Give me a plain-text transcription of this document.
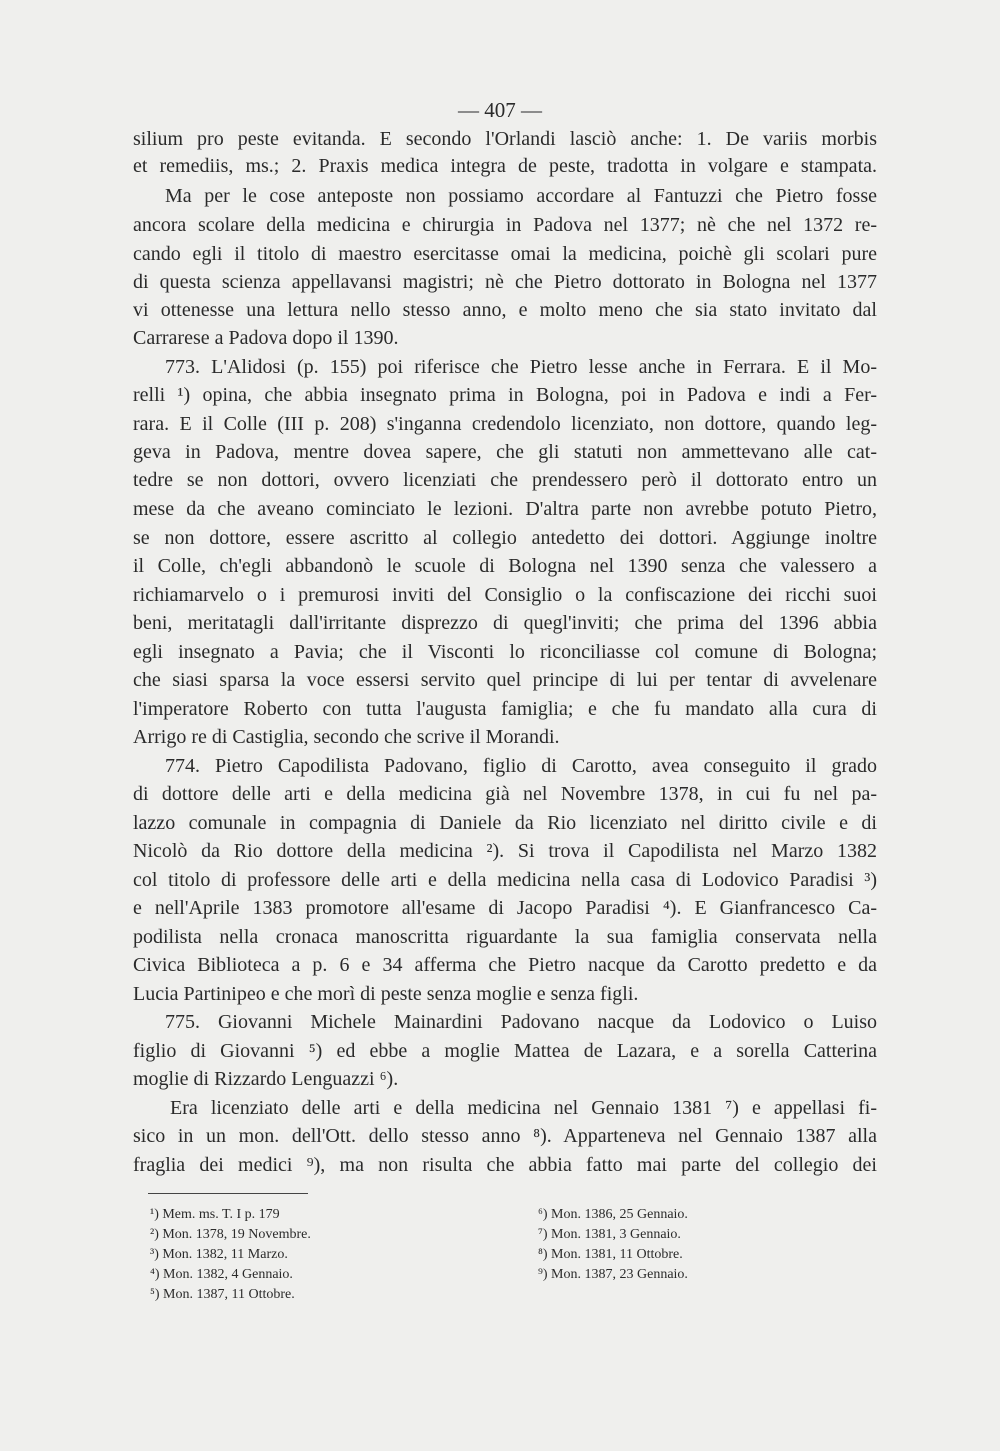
— 407 —
silium pro peste evitanda. E secondo l'Orlandi lasciò anche: 1. De variis morbis
et remediis, ms.; 2. Praxis medica integra de peste, tradotta in volgare e stampata.
Ma per le cose anteposte non possiamo accordare al Fantuzzi che Pietro fosse
ancora scolare della medicina e chirurgia in Padova nel 1377; nè che nel 1372 re-
cando egli il titolo di maestro esercitasse omai la medicina, poichè gli scolari pure
di questa scienza appellavansi magistri; nè che Pietro dottorato in Bologna nel 1377
vi ottenesse una lettura nello stesso anno, e molto meno che sia stato invitato dal
Carrarese a Padova dopo il 1390.
773. L'Alidosi (p. 155) poi riferisce che Pietro lesse anche in Ferrara. E il Mo-
relli ¹) opina, che abbia insegnato prima in Bologna, poi in Padova e indi a Fer-
rara. E il Colle (III p. 208) s'inganna credendolo licenziato, non dottore, quando leg-
geva in Padova, mentre dovea sapere, che gli statuti non ammettevano alle cat-
tedre se non dottori, ovvero licenziati che prendessero però il dottorato entro un
mese da che aveano cominciato le lezioni. D'altra parte non avrebbe potuto Pietro,
se non dottore, essere ascritto al collegio antedetto dei dottori. Aggiunge inoltre
il Colle, ch'egli abbandonò le scuole di Bologna nel 1390 senza che valessero a
richiamarvelo o i premurosi inviti del Consiglio o la confiscazione dei ricchi suoi
beni, meritatagli dall'irritante disprezzo di quegl'inviti; che prima del 1396 abbia
egli insegnato a Pavia; che il Visconti lo riconciliasse col comune di Bologna;
che siasi sparsa la voce essersi servito quel principe di lui per tentar di avvelenare
l'imperatore Roberto con tutta l'augusta famiglia; e che fu mandato alla cura di
Arrigo re di Castiglia, secondo che scrive il Morandi.
774. Pietro Capodilista Padovano, figlio di Carotto, avea conseguito il grado
di dottore delle arti e della medicina già nel Novembre 1378, in cui fu nel pa-
lazzo comunale in compagnia di Daniele da Rio licenziato nel diritto civile e di
Nicolò da Rio dottore della medicina ²). Si trova il Capodilista nel Marzo 1382
col titolo di professore delle arti e della medicina nella casa di Lodovico Paradisi ³)
e nell'Aprile 1383 promotore all'esame di Jacopo Paradisi ⁴). E Gianfrancesco Ca-
podilista nella cronaca manoscritta riguardante la sua famiglia conservata nella
Civica Biblioteca a p. 6 e 34 afferma che Pietro nacque da Carotto predetto e da
Lucia Partinipeo e che morì di peste senza moglie e senza figli.
775. Giovanni Michele Mainardini Padovano nacque da Lodovico o Luiso
figlio di Giovanni ⁵) ed ebbe a moglie Mattea de Lazara, e a sorella Catterina
moglie di Rizzardo Lenguazzi ⁶).
Era licenziato delle arti e della medicina nel Gennaio 1381 ⁷) e appellasi fi-
sico in un mon. dell'Ott. dello stesso anno ⁸). Apparteneva nel Gennaio 1387 alla
fraglia dei medici ⁹), ma non risulta che abbia fatto mai parte del collegio dei
¹) Mem. ms. T. I p. 179
²) Mon. 1378, 19 Novembre.
³) Mon. 1382, 11 Marzo.
⁴) Mon. 1382, 4 Gennaio.
⁵) Mon. 1387, 11 Ottobre.
⁶) Mon. 1386, 25 Gennaio.
⁷) Mon. 1381, 3 Gennaio.
⁸) Mon. 1381, 11 Ottobre.
⁹) Mon. 1387, 23 Gennaio.
